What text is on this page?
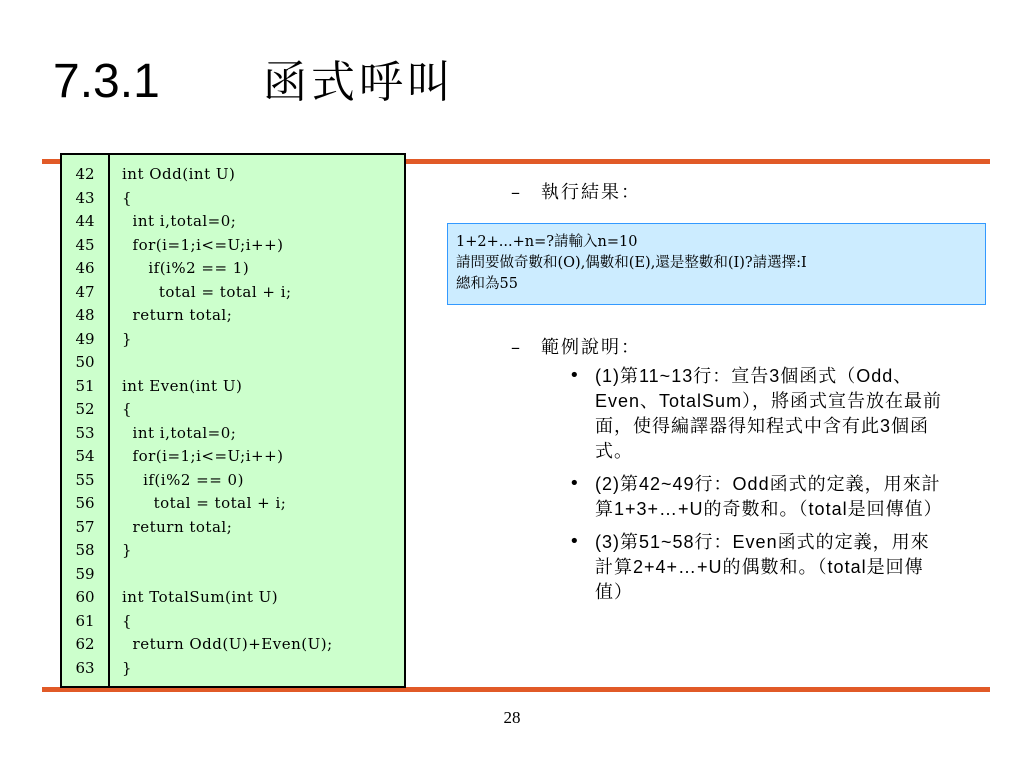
7.3.1 函式呼叫
42
43
44
45
46
47
48
49
50
51
52
53
54
55
56
57
58
59
60
61
62
63
int Odd(int U)
{
int i,total=0;
for(i=1;i<=U;i++)
if(i%2 == 1)
total = total + i;
return total;
}
int Even(int U)
{
int i,total=0;
for(i=1;i<=U;i++)
if(i%2 == 0)
total = total + i;
return total;
}
int TotalSum(int U)
{
return Odd(U)+Even(U);
}
– 執行結果：
1+2+...+n=?請輸入n=10
請問要做奇數和(O),偶數和(E),還是整數和(I)?請選擇:I
總和為55
– 範例說明：
• (1)第11~13行：宣告3個函式（Odd、Even、TotalSum），將函式宣告放在最前面，使得編譯器得知程式中含有此3個函式。
• (2)第42~49行：Odd函式的定義，用來計算1+3+…+U的奇數和。（total是回傳值）
• (3)第51~58行：Even函式的定義，用來計算2+4+…+U的偶數和。（total是回傳值）
28
